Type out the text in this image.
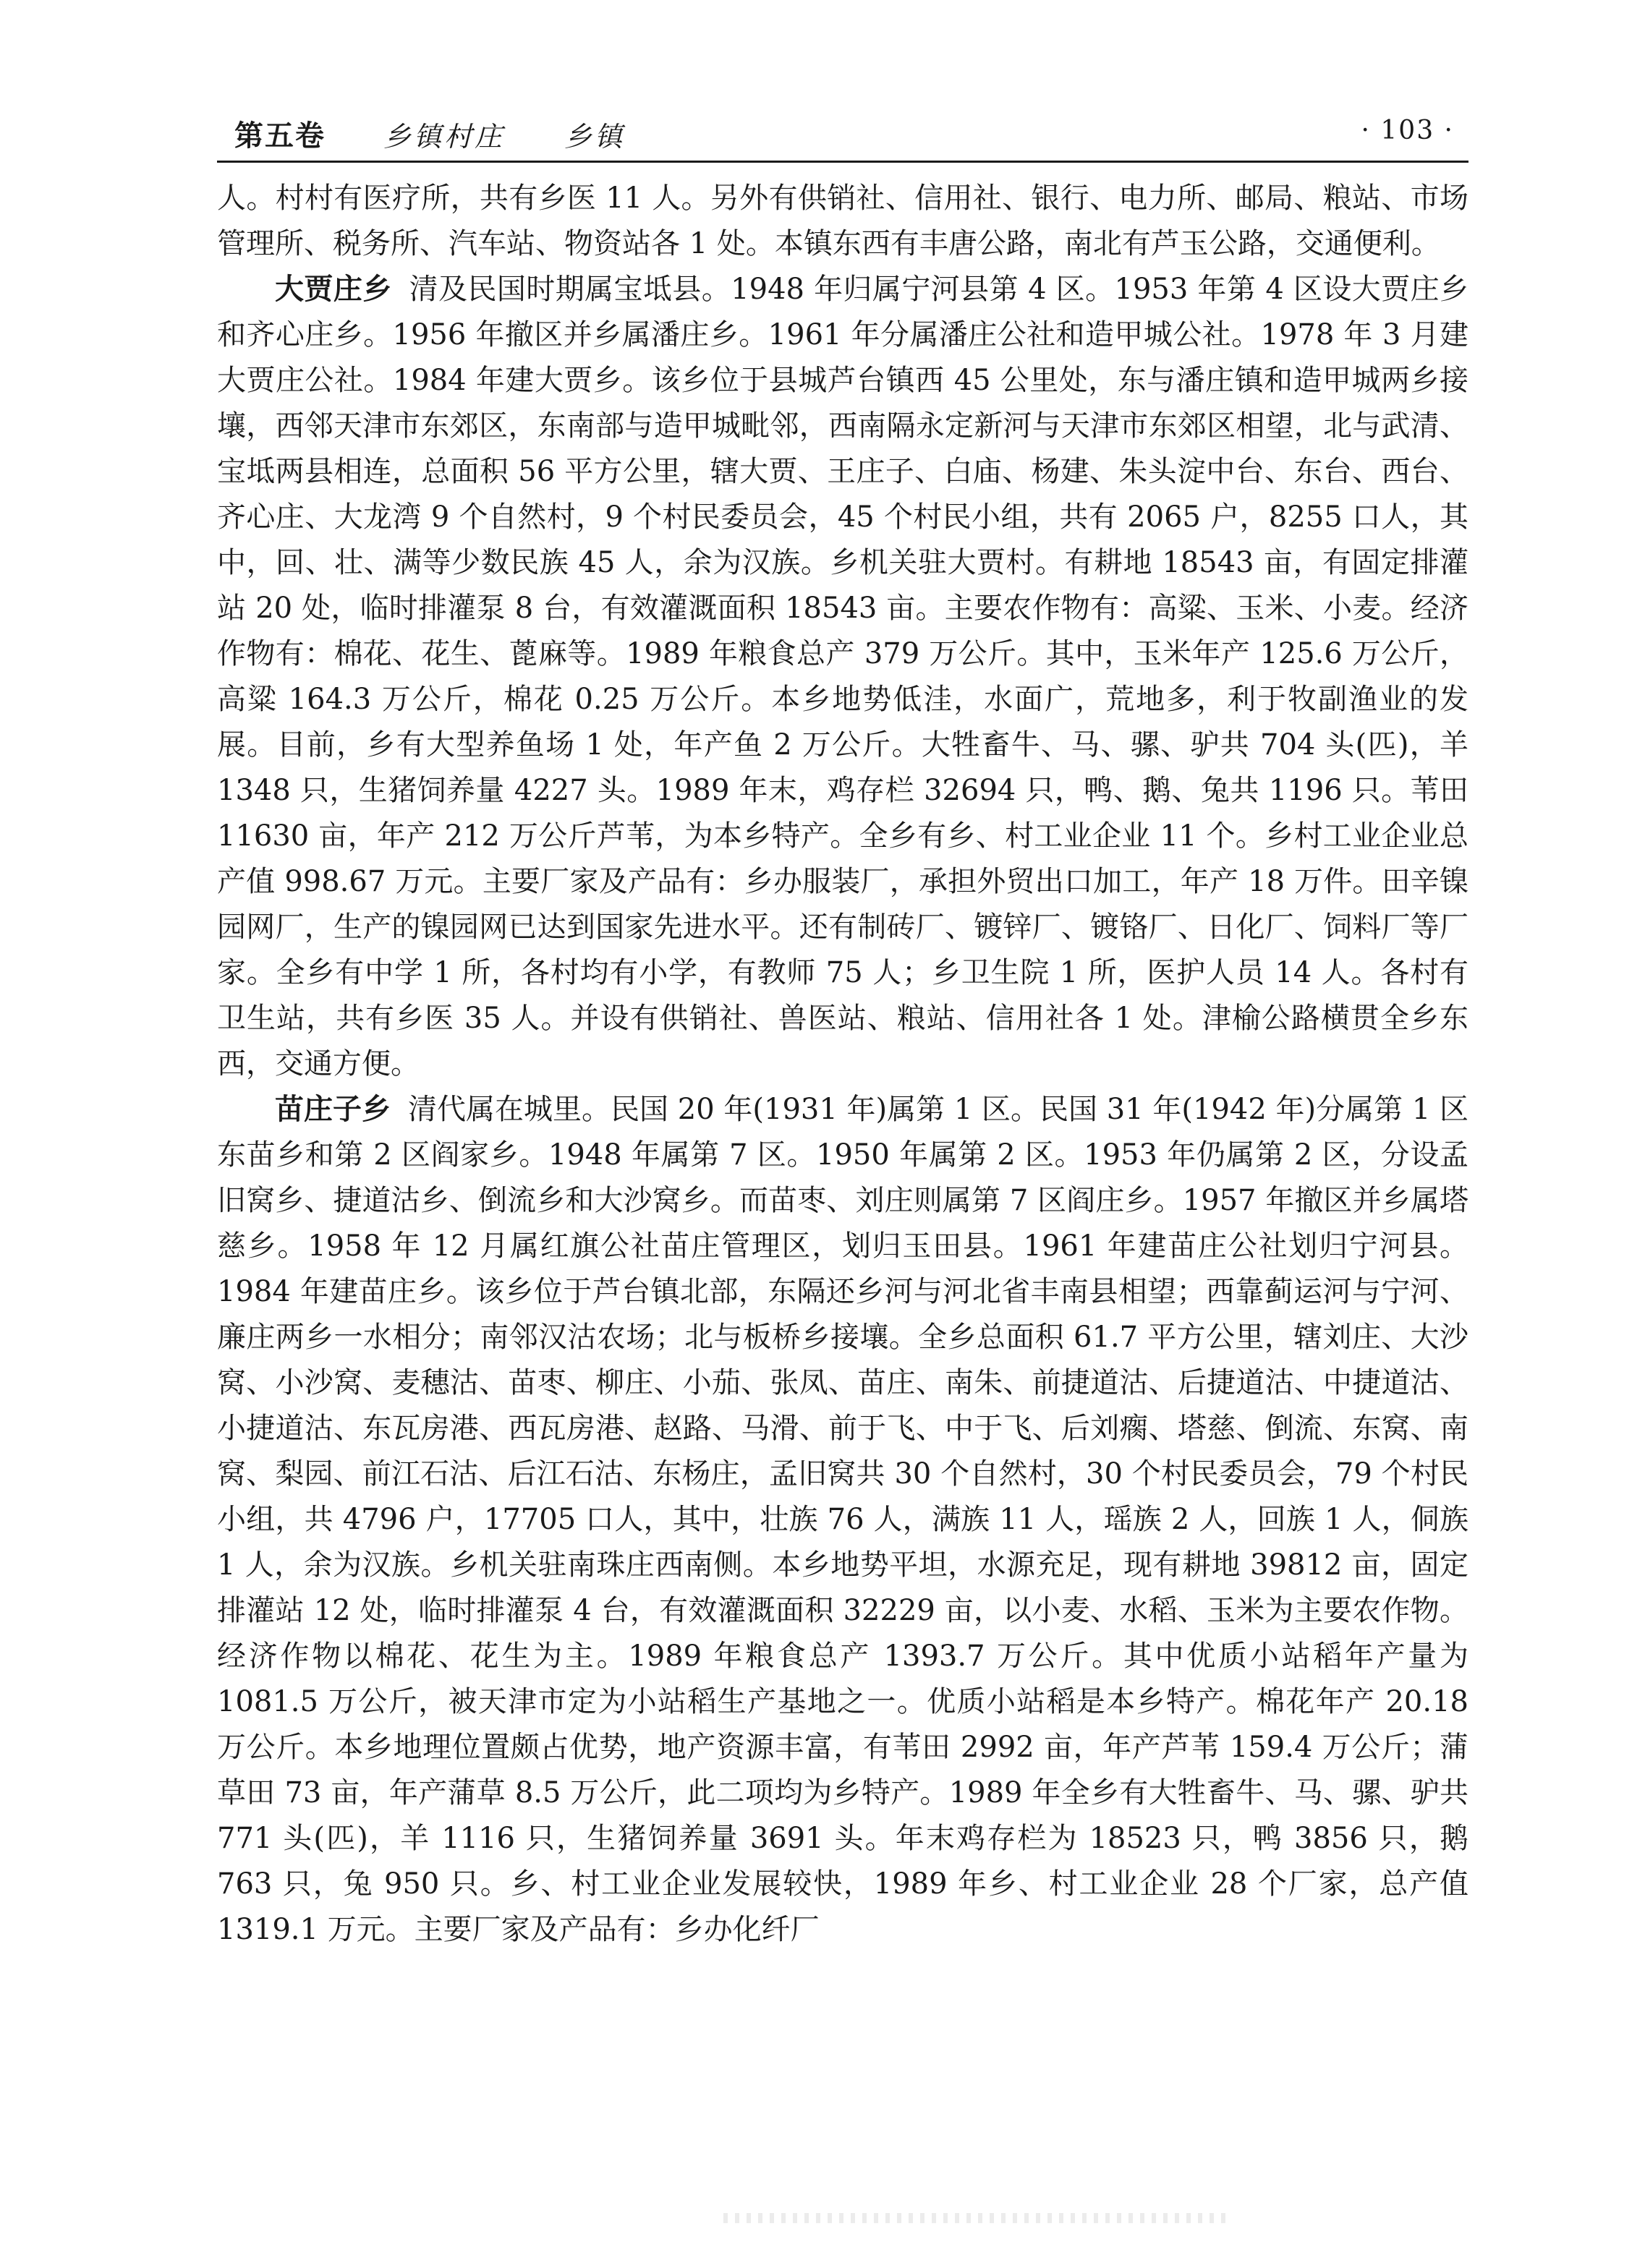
第五卷 乡镇村庄 乡镇	· 103 ·

人。村村有医疗所，共有乡医 11 人。另外有供销社、信用社、银行、电力所、邮局、粮站、市场管理所、税务所、汽车站、物资站各 1 处。本镇东西有丰唐公路，南北有芦玉公路，交通便利。

大贾庄乡 清及民国时期属宝坻县。1948 年归属宁河县第 4 区。1953 年第 4 区设大贾庄乡和齐心庄乡。1956 年撤区并乡属潘庄乡。1961 年分属潘庄公社和造甲城公社。1978 年 3 月建大贾庄公社。1984 年建大贾乡。该乡位于县城芦台镇西 45 公里处，东与潘庄镇和造甲城两乡接壤，西邻天津市东郊区，东南部与造甲城毗邻，西南隔永定新河与天津市东郊区相望，北与武清、宝坻两县相连，总面积 56 平方公里，辖大贾、王庄子、白庙、杨建、朱头淀中台、东台、西台、齐心庄、大龙湾 9 个自然村，9 个村民委员会，45 个村民小组，共有 2065 户，8255 口人，其中，回、壮、满等少数民族 45 人，余为汉族。乡机关驻大贾村。有耕地 18543 亩，有固定排灌站 20 处，临时排灌泵 8 台，有效灌溉面积 18543 亩。主要农作物有：高粱、玉米、小麦。经济作物有：棉花、花生、蓖麻等。1989 年粮食总产 379 万公斤。其中，玉米年产 125.6 万公斤，高粱 164.3 万公斤，棉花 0.25 万公斤。本乡地势低洼，水面广，荒地多，利于牧副渔业的发展。目前，乡有大型养鱼场 1 处，年产鱼 2 万公斤。大牲畜牛、马、骡、驴共 704 头(匹)，羊 1348 只，生猪饲养量 4227 头。1989 年末，鸡存栏 32694 只，鸭、鹅、兔共 1196 只。苇田 11630 亩，年产 212 万公斤芦苇，为本乡特产。全乡有乡、村工业企业 11 个。乡村工业企业总产值 998.67 万元。主要厂家及产品有：乡办服装厂，承担外贸出口加工，年产 18 万件。田辛镍园网厂，生产的镍园网已达到国家先进水平。还有制砖厂、镀锌厂、镀铬厂、日化厂、饲料厂等厂家。全乡有中学 1 所，各村均有小学，有教师 75 人；乡卫生院 1 所，医护人员 14 人。各村有卫生站，共有乡医 35 人。并设有供销社、兽医站、粮站、信用社各 1 处。津榆公路横贯全乡东西，交通方便。

苗庄子乡 清代属在城里。民国 20 年(1931 年)属第 1 区。民国 31 年(1942 年)分属第 1 区东苗乡和第 2 区阎家乡。1948 年属第 7 区。1950 年属第 2 区。1953 年仍属第 2 区，分设孟旧窝乡、捷道沽乡、倒流乡和大沙窝乡。而苗枣、刘庄则属第 7 区阎庄乡。1957 年撤区并乡属塔慈乡。1958 年 12 月属红旗公社苗庄管理区，划归玉田县。1961 年建苗庄公社划归宁河县。1984 年建苗庄乡。该乡位于芦台镇北部，东隔还乡河与河北省丰南县相望；西靠蓟运河与宁河、廉庄两乡一水相分；南邻汉沽农场；北与板桥乡接壤。全乡总面积 61.7 平方公里，辖刘庄、大沙窝、小沙窝、麦穗沽、苗枣、柳庄、小茄、张凤、苗庄、南朱、前捷道沽、后捷道沽、中捷道沽、小捷道沽、东瓦房港、西瓦房港、赵路、马滑、前于飞、中于飞、后刘瘸、塔慈、倒流、东窝、南窝、梨园、前江石沽、后江石沽、东杨庄，孟旧窝共 30 个自然村，30 个村民委员会，79 个村民小组，共 4796 户，17705 口人，其中，壮族 76 人，满族 11 人，瑶族 2 人，回族 1 人，侗族 1 人，余为汉族。乡机关驻南珠庄西南侧。本乡地势平坦，水源充足，现有耕地 39812 亩，固定排灌站 12 处，临时排灌泵 4 台，有效灌溉面积 32229 亩，以小麦、水稻、玉米为主要农作物。经济作物以棉花、花生为主。1989 年粮食总产 1393.7 万公斤。其中优质小站稻年产量为 1081.5 万公斤，被天津市定为小站稻生产基地之一。优质小站稻是本乡特产。棉花年产 20.18 万公斤。本乡地理位置颇占优势，地产资源丰富，有苇田 2992 亩，年产芦苇 159.4 万公斤；蒲草田 73 亩，年产蒲草 8.5 万公斤，此二项均为乡特产。1989 年全乡有大牲畜牛、马、骡、驴共 771 头(匹)，羊 1116 只，生猪饲养量 3691 头。年末鸡存栏为 18523 只，鸭 3856 只，鹅 763 只，兔 950 只。乡、村工业企业发展较快，1989 年乡、村工业企业 28 个厂家，总产值 1319.1 万元。主要厂家及产品有：乡办化纤厂
